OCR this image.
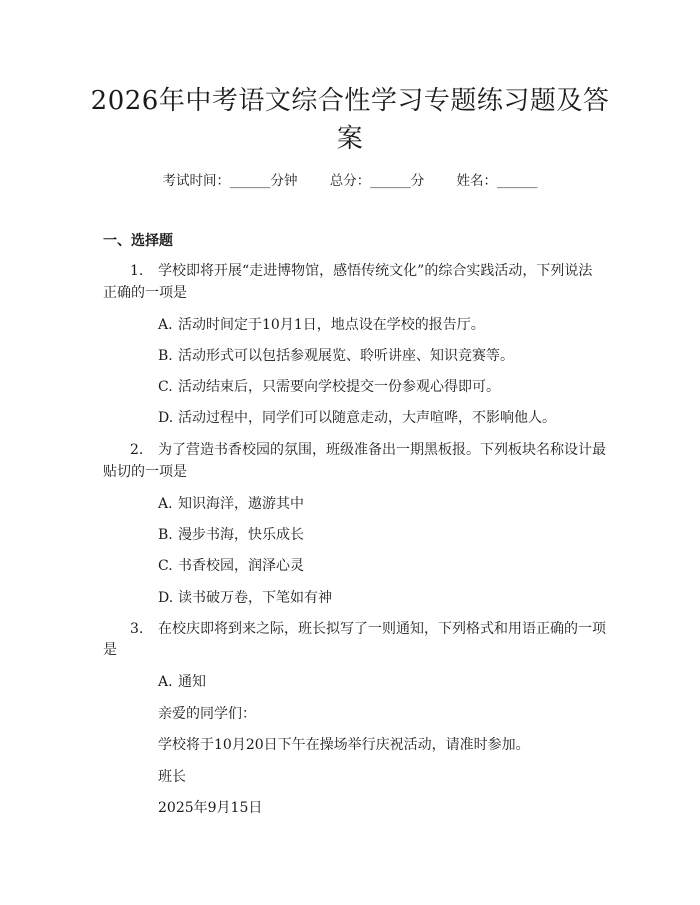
2026年中考语文综合性学习专题练习题及答
案
考试时间：______分钟 总分：______分 姓名：______
一、选择题
1. 学校即将开展“走进博物馆，感悟传统文化”的综合实践活动，下列说法
正确的一项是
A. 活动时间定于10月1日，地点设在学校的报告厅。
B. 活动形式可以包括参观展览、聆听讲座、知识竞赛等。
C. 活动结束后，只需要向学校提交一份参观心得即可。
D. 活动过程中，同学们可以随意走动，大声喧哗，不影响他人。
2. 为了营造书香校园的氛围，班级准备出一期黑板报。下列板块名称设计最
贴切的一项是
A. 知识海洋，遨游其中
B. 漫步书海，快乐成长
C. 书香校园，润泽心灵
D. 读书破万卷，下笔如有神
3. 在校庆即将到来之际，班长拟写了一则通知，下列格式和用语正确的一项
是
A. 通知
亲爱的同学们：
学校将于10月20日下午在操场举行庆祝活动，请准时参加。
班长
2025年9月15日
